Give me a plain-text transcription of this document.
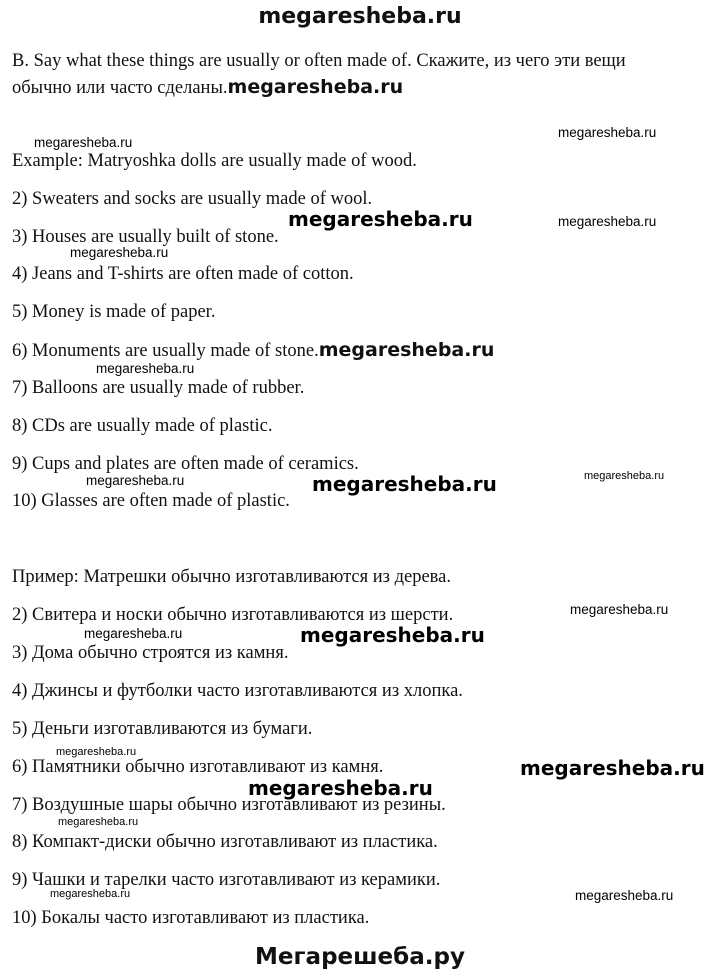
megaresheba.ru
B. Say what these things are usually or often made of. Скажите, из чего эти вещи
обычно или часто сделаны.megaresheba.ru
Example: Matryoshka dolls are usually made of wood.
2) Sweaters and socks are usually made of wool.
3) Houses are usually built of stone.
4) Jeans and T-shirts are often made of cotton.
5) Money is made of paper.
6) Monuments are usually made of stone.megaresheba.ru
7) Balloons are usually made of rubber.
8) CDs are usually made of plastic.
9) Cups and plates are often made of ceramics.
10) Glasses are often made of plastic.
Пример: Матрешки обычно изготавливаются из дерева.
2) Свитера и носки обычно изготавливаются из шерсти.
3) Дома обычно строятся из камня.
4) Джинсы и футболки часто изготавливаются из хлопка.
5) Деньги изготавливаются из бумаги.
6) Памятники обычно изготавливают из камня.
7) Воздушные шары обычно изготавливают из резины.
8) Компакт-диски обычно изготавливают из пластика.
9) Чашки и тарелки часто изготавливают из керамики.
10) Бокалы часто изготавливают из пластика.
megaresheba.ru
megaresheba.ru
megaresheba.ru
megaresheba.ru
megaresheba.ru
megaresheba.ru
megaresheba.ru
megaresheba.ru
megaresheba.ru
megaresheba.ru
megaresheba.ru
megaresheba.ru
megaresheba.ru
megaresheba.ru
megaresheba.ru
megaresheba.ru
megaresheba.ru
megaresheba.ru
Мегарешеба.ру
